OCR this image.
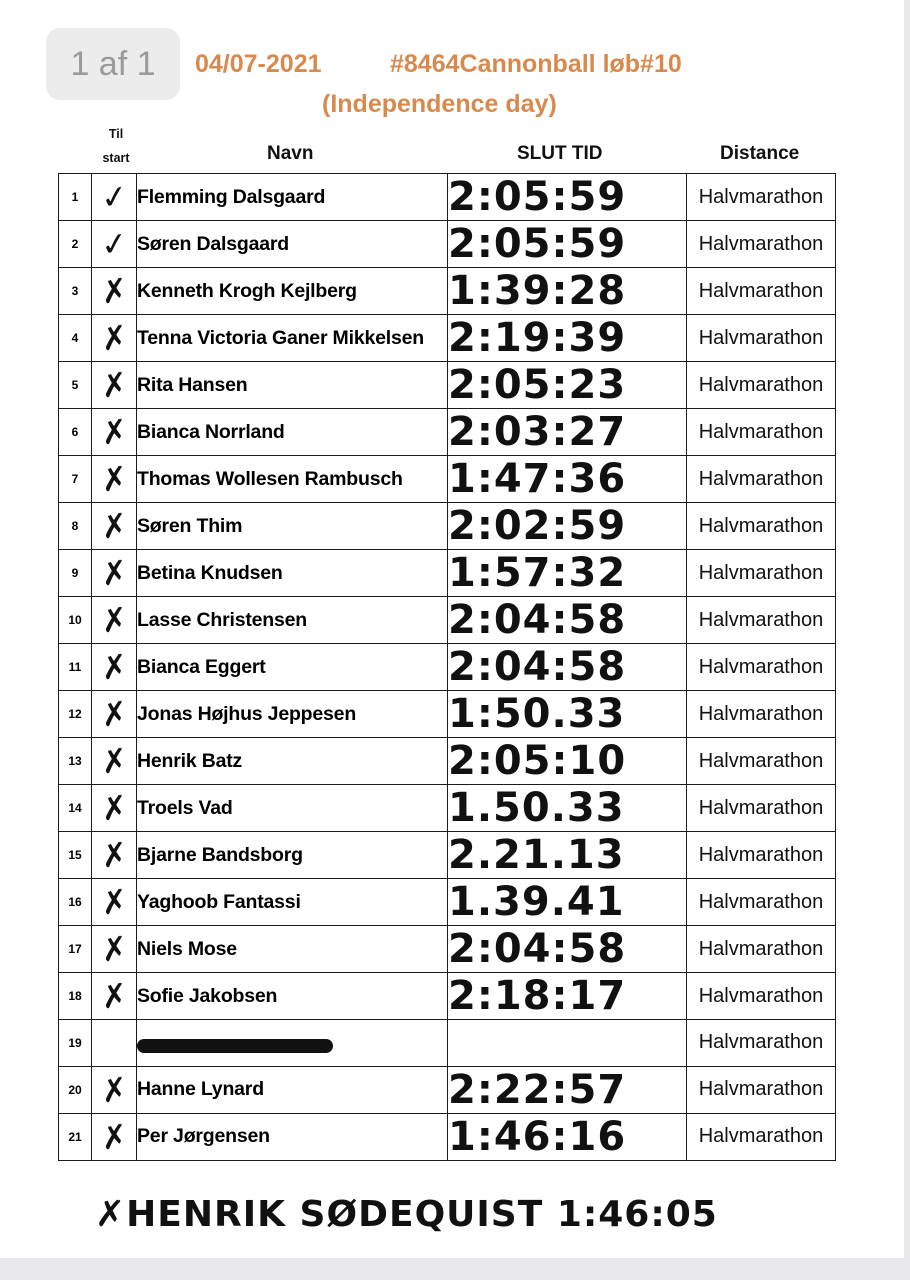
1 af 1	04/07-2021	#8464Cannonball løb#10
(Independence day)
Til start	Navn	SLUT TID	Distance
1	✓	Flemming Dalsgaard	2:05:59	Halvmarathon
2	✓	Søren Dalsgaard	2:05:59	Halvmarathon
3	✗	Kenneth Krogh Kejlberg	1:39:28	Halvmarathon
4	✗	Tenna Victoria Ganer Mikkelsen	2:19:39	Halvmarathon
5	✗	Rita Hansen	2:05:23	Halvmarathon
6	✗	Bianca Norrland	2:03:27	Halvmarathon
7	✗	Thomas Wollesen Rambusch	1:47:36	Halvmarathon
8	✗	Søren Thim	2:02:59	Halvmarathon
9	✗	Betina Knudsen	1:57:32	Halvmarathon
10	✗	Lasse Christensen	2:04:58	Halvmarathon
11	✗	Bianca Eggert	2:04:58	Halvmarathon
12	✗	Jonas Højhus Jeppesen	1:50.33	Halvmarathon
13	✗	Henrik Batz	2:05:10	Halvmarathon
14	✗	Troels Vad	1.50.33	Halvmarathon
15	✗	Bjarne Bandsborg	2.21.13	Halvmarathon
16	✗	Yaghoob Fantassi	1.39.41	Halvmarathon
17	✗	Niels Mose	2:04:58	Halvmarathon
18	✗	Sofie Jakobsen	2:18:17	Halvmarathon
19				Halvmarathon
20	✗	Hanne Lynard	2:22:57	Halvmarathon
21	✗	Per Jørgensen	1:46:16	Halvmarathon
✗HENRIK SØDEQUIST 1:46:05
